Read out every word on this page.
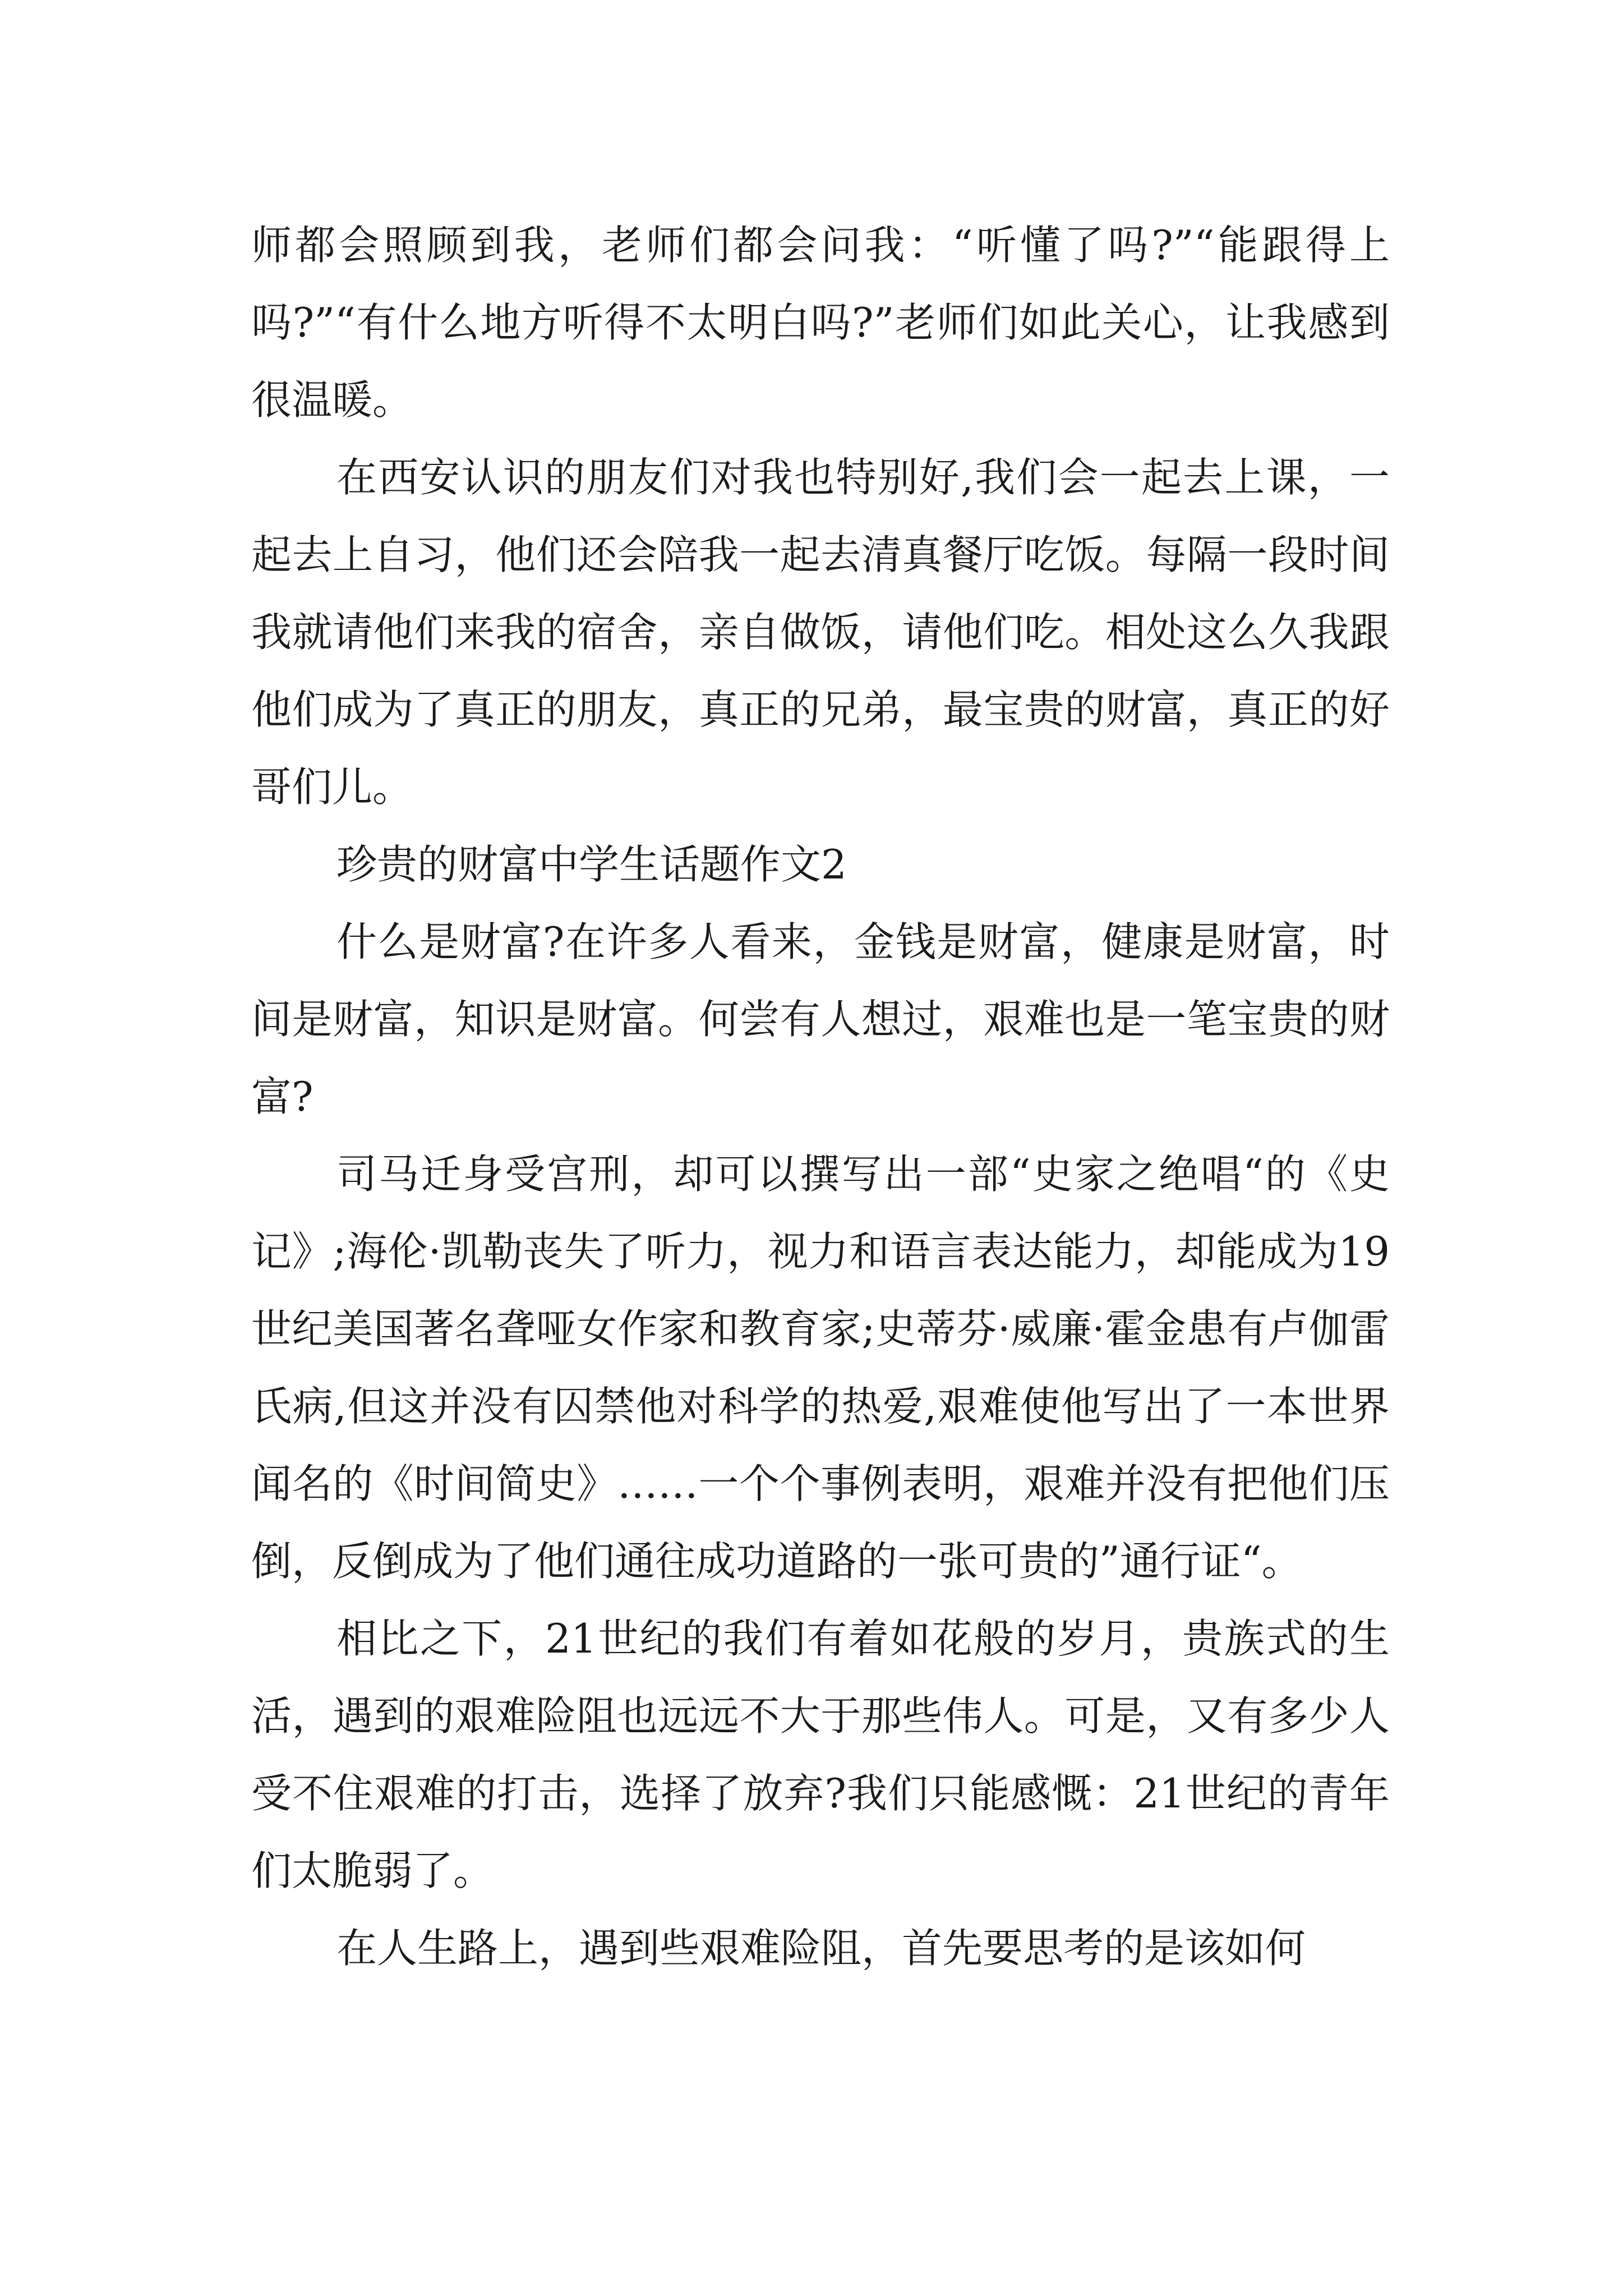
师都会照顾到我，老师们都会问我：“听懂了吗?”“能跟得上吗?”“有什么地方听得不太明白吗?”老师们如此关心，让我感到很温暖。

在西安认识的朋友们对我也特别好,我们会一起去上课，一起去上自习，他们还会陪我一起去清真餐厅吃饭。每隔一段时间我就请他们来我的宿舍，亲自做饭，请他们吃。相处这么久我跟他们成为了真正的朋友，真正的兄弟，最宝贵的财富，真正的好哥们儿。

珍贵的财富中学生话题作文2

什么是财富?在许多人看来，金钱是财富，健康是财富，时间是财富，知识是财富。何尝有人想过，艰难也是一笔宝贵的财富?

司马迁身受宫刑，却可以撰写出一部“史家之绝唱“的《史记》;海伦·凯勒丧失了听力，视力和语言表达能力，却能成为19世纪美国著名聋哑女作家和教育家;史蒂芬·威廉·霍金患有卢伽雷氏病,但这并没有囚禁他对科学的热爱,艰难使他写出了一本世界闻名的《时间简史》……一个个事例表明，艰难并没有把他们压倒，反倒成为了他们通往成功道路的一张可贵的”通行证“。

相比之下，21世纪的我们有着如花般的岁月，贵族式的生活，遇到的艰难险阻也远远不大于那些伟人。可是，又有多少人受不住艰难的打击，选择了放弃?我们只能感慨：21世纪的青年们太脆弱了。

在人生路上，遇到些艰难险阻，首先要思考的是该如何
